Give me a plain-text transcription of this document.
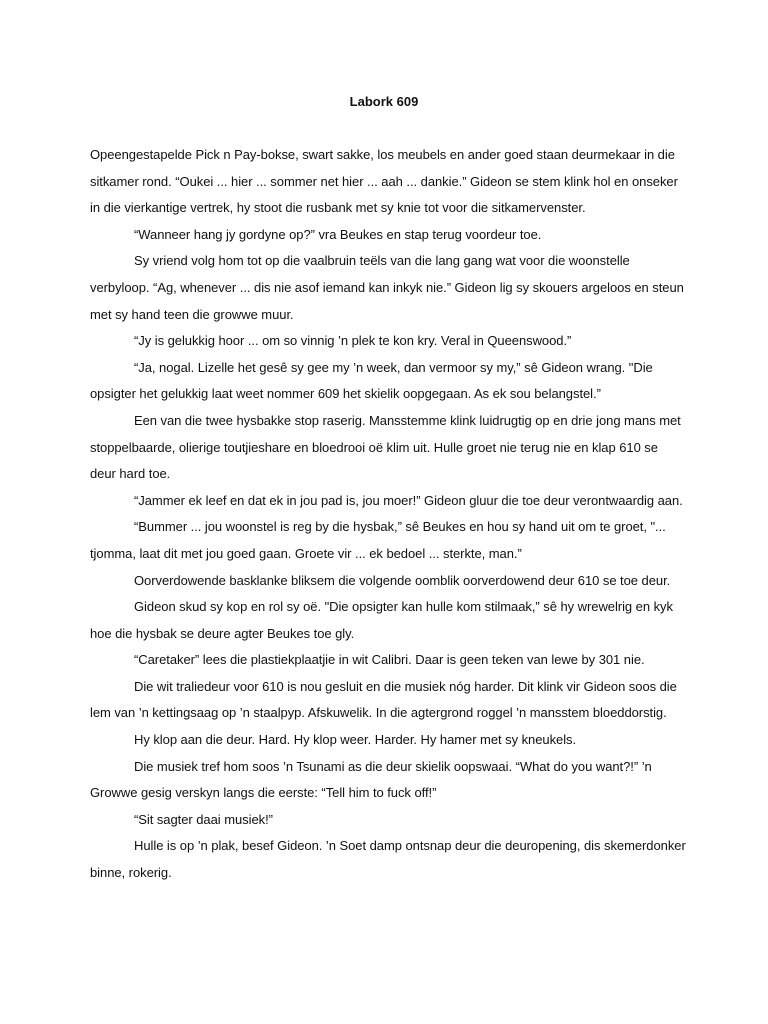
Labork 609

Opeengestapelde Pick n Pay-bokse, swart sakke, los meubels en ander goed staan deurmekaar in die sitkamer rond. “Oukei ... hier ... sommer net hier ... aah ... dankie.” Gideon se stem klink hol en onseker in die vierkantige vertrek, hy stoot die rusbank met sy knie tot voor die sitkamervenster.

“Wanneer hang jy gordyne op?” vra Beukes en stap terug voordeur toe.

Sy vriend volg hom tot op die vaalbruin teëls van die lang gang wat voor die woonstelle verbyloop. “Ag, whenever ... dis nie asof iemand kan inkyk nie.” Gideon lig sy skouers argeloos en steun met sy hand teen die growwe muur.

“Jy is gelukkig hoor ... om so vinnig ’n plek te kon kry. Veral in Queenswood.”

“Ja, nogal. Lizelle het gesê sy gee my ’n week, dan vermoor sy my,” sê Gideon wrang. "Die opsigter het gelukkig laat weet nommer 609 het skielik oopgegaan. As ek sou belangstel.”

Een van die twee hysbakke stop raserig. Mansstemme klink luidrugtig op en drie jong mans met stoppelbaarde, olierige toutjieshare en bloedrooi oë klim uit. Hulle groet nie terug nie en klap 610 se deur hard toe.

“Jammer ek leef en dat ek in jou pad is, jou moer!” Gideon gluur die toe deur verontwaardig aan.

“Bummer ... jou woonstel is reg by die hysbak,” sê Beukes en hou sy hand uit om te groet, "... tjomma, laat dit met jou goed gaan. Groete vir ... ek bedoel ... sterkte, man.”

Oorverdowende basklanke bliksem die volgende oomblik oorverdowend deur 610 se toe deur.

Gideon skud sy kop en rol sy oë. "Die opsigter kan hulle kom stilmaak,” sê hy wrewelrig en kyk hoe die hysbak se deure agter Beukes toe gly.

“Caretaker” lees die plastiekplaatjie in wit Calibri. Daar is geen teken van lewe by 301 nie.

Die wit traliedeur voor 610 is nou gesluit en die musiek nóg harder. Dit klink vir Gideon soos die lem van ’n kettingsaag op ’n staalpyp. Afskuwelik. In die agtergrond roggel ’n mansstem bloeddorstig.

Hy klop aan die deur. Hard. Hy klop weer. Harder. Hy hamer met sy kneukels.

Die musiek tref hom soos ’n Tsunami as die deur skielik oopswaai. “What do you want?!” ’n Growwe gesig verskyn langs die eerste: “Tell him to fuck off!”

“Sit sagter daai musiek!”

Hulle is op ’n plak, besef Gideon. ’n Soet damp ontsnap deur die deuropening, dis skemerdonker binne, rokerig.
